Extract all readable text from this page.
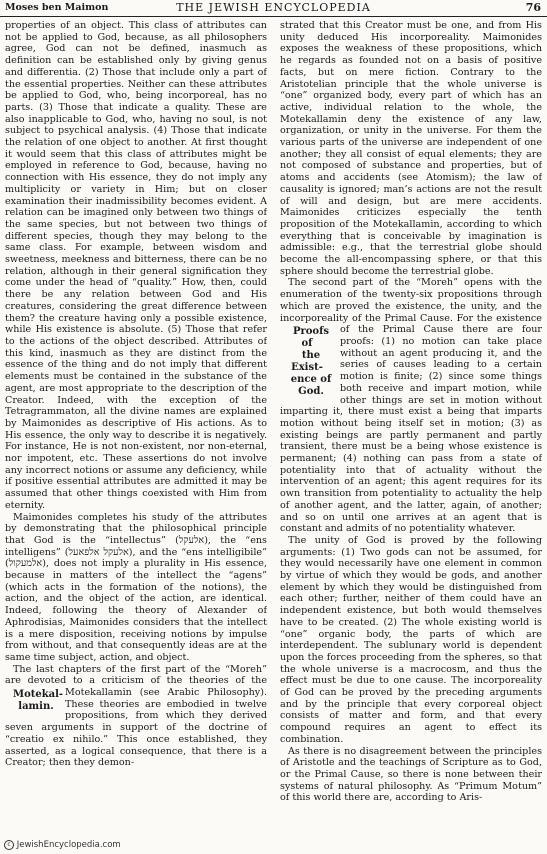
Moses ben Maimon	THE JEWISH ENCYCLOPEDIA	76

properties of an object. This class of attributes can not be applied to God, because, as all philosophers agree, God can not be defined, inasmuch as definition can be established only by giving genus and differentia. (2) Those that include only a part of the essential properties. Neither can these attributes be applied to God, who, being incorporeal, has no parts. (3) Those that indicate a quality. These are also inapplicable to God, who, having no soul, is not subject to psychical analysis. (4) Those that indicate the relation of one object to another. At first thought it would seem that this class of attributes might be employed in reference to God, because, having no connection with His essence, they do not imply any multiplicity or variety in Him; but on closer examination their inadmissibility becomes evident. A relation can be imagined only between two things of the same species, but not between two things of different species, though they may belong to the same class. For example, between wisdom and sweetness, meekness and bitterness, there can be no relation, although in their general signification they come under the head of “quality.” How, then, could there be any relation between God and His creatures, considering the great difference between them? the creature having only a possible existence, while His existence is absolute. (5) Those that refer to the actions of the object described. Attributes of this kind, inasmuch as they are distinct from the essence of the thing and do not imply that different elements must be contained in the substance of the agent, are most appropriate to the description of the Creator. Indeed, with the exception of the Tetragrammaton, all the divine names are explained by Maimonides as descriptive of His actions. As to His essence, the only way to describe it is negatively. For instance, He is not non-existent, nor non-eternal, nor impotent, etc. These assertions do not involve any incorrect notions or assume any deficiency, while if positive essential attributes are admitted it may be assumed that other things coexisted with Him from eternity.

Maimonides completes his study of the attributes by demonstrating that the philosophical principle that God is the “intellectus” (אלעקל), the “ens intelligens” (אלעקל אלפאעל), and the “ens intelligibile” (אלמעקול), does not imply a plurality in His essence, because in matters of the intellect the “agens” (which acts in the formation of the notions), the action, and the object of the action, are identical. Indeed, following the theory of Alexander of Aphrodisias, Maimonides considers that the intellect is a mere disposition, receiving notions by impulse from without, and that consequently ideas are at the same time subject, action, and object.

The last chapters of the first part of the “Moreh” are devoted to a criticism of the theories of the Motekallamin (see Arabic Philosophy).
Motekal-
lamin.	These theories are embodied in twelve propositions, from which they derived seven arguments in support of the doctrine of “creatio ex nihilo.” This once established, they asserted, as a logical consequence, that there is a Creator; then they demon-

strated that this Creator must be one, and from His unity deduced His incorporeality. Maimonides exposes the weakness of these propositions, which he regards as founded not on a basis of positive facts, but on mere fiction. Contrary to the Aristotelian principle that the whole universe is “one” organized body, every part of which has an active, individual relation to the whole, the Motekallamin deny the existence of any law, organization, or unity in the universe. For them the various parts of the universe are independent of one another; they all consist of equal elements; they are not composed of substance and properties, but of atoms and accidents (see Atomism); the law of causality is ignored; man’s actions are not the result of will and design, but are mere accidents. Maimonides criticizes especially the tenth proposition of the Motekallamin, according to which everything that is conceivable by imagination is admissible: e.g., that the terrestrial globe should become the all-encompassing sphere, or that this sphere should become the terrestrial globe.

The second part of the “Moreh” opens with the enumeration of the twenty-six propositions through which are proved the existence, the unity, and the incorporeality of the Primal Cause. For the existence of the Primal Cause there are
Proofs of
the Exist-
ence of
God.
four proofs: (1) no motion can take place without an agent producing it, and the series of causes leading to a certain motion is finite; (2) since some things both receive and impart motion, while other things are set in motion without imparting it, there must exist a being that imparts motion without being itself set in motion; (3) as existing beings are partly permanent and partly transient, there must be a being whose existence is permanent; (4) nothing can pass from a state of potentiality into that of actuality without the intervention of an agent; this agent requires for its own transition from potentiality to actuality the help of another agent, and the latter, again, of another; and so on until one arrives at an agent that is constant and admits of no potentiality whatever.

The unity of God is proved by the following arguments: (1) Two gods can not be assumed, for they would necessarily have one element in common by virtue of which they would be gods, and another element by which they would be distinguished from each other; further, neither of them could have an independent existence, but both would themselves have to be created. (2) The whole existing world is “one” organic body, the parts of which are interdependent. The sublunary world is dependent upon the forces proceeding from the spheres, so that the whole universe is a macrocosm, and thus the effect must be due to one cause. The incorporeality of God can be proved by the preceding arguments and by the principle that every corporeal object consists of matter and form, and that every compound requires an agent to effect its combination.

As there is no disagreement between the principles of Aristotle and the teachings of Scripture as to God, or the Primal Cause, so there is none between their systems of natural philosophy. As “Primum Motum” of this world there are, according to Aris-

c JewishEncyclopedia.com
